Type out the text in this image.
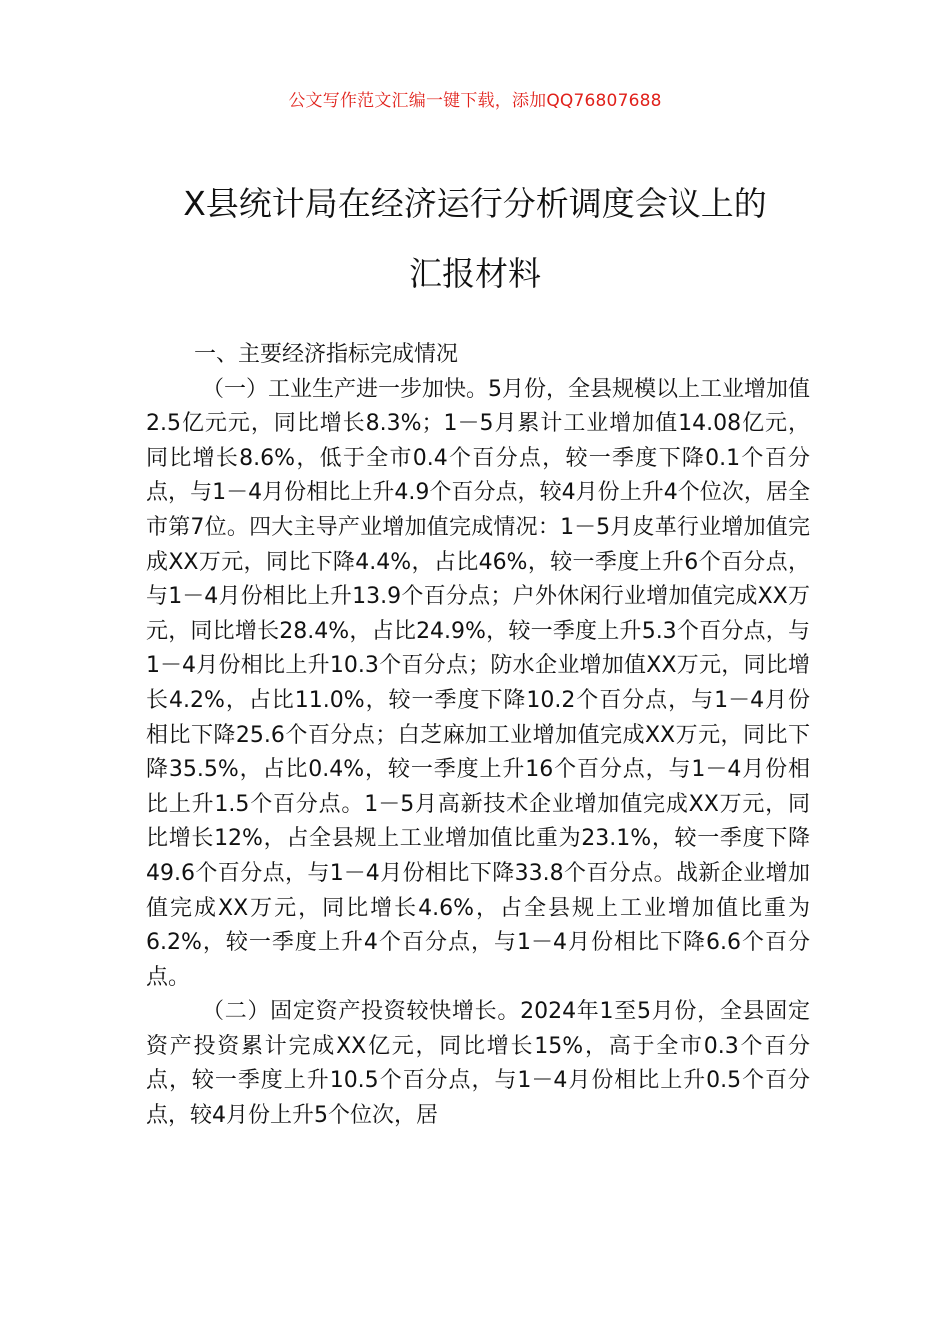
公文写作范文汇编一键下载，添加QQ76807688
X县统计局在经济运行分析调度会议上的
汇报材料

一、主要经济指标完成情况

（一）工业生产进一步加快。5月份，全县规模以上工业增加值2.5亿元元，同比增长8.3%；1－5月累计工业增加值14.08亿元，同比增长8.6%，低于全市0.4个百分点，较一季度下降0.1个百分点，与1－4月份相比上升4.9个百分点，较4月份上升4个位次，居全市第7位。四大主导产业增加值完成情况：1－5月皮革行业增加值完成XX万元，同比下降4.4%，占比46%，较一季度上升6个百分点，与1－4月份相比上升13.9个百分点；户外休闲行业增加值完成XX万元，同比增长28.4%，占比24.9%，较一季度上升5.3个百分点，与1－4月份相比上升10.3个百分点；防水企业增加值XX万元，同比增长4.2%，占比11.0%，较一季度下降10.2个百分点，与1－4月份相比下降25.6个百分点；白芝麻加工业增加值完成XX万元，同比下降35.5%，占比0.4%，较一季度上升16个百分点，与1－4月份相比上升1.5个百分点。1－5月高新技术企业增加值完成XX万元，同比增长12%，占全县规上工业增加值比重为23.1%，较一季度下降49.6个百分点，与1－4月份相比下降33.8个百分点。战新企业增加值完成XX万元，同比增长4.6%，占全县规上工业增加值比重为6.2%，较一季度上升4个百分点，与1－4月份相比下降6.6个百分点。

（二）固定资产投资较快增长。2024年1至5月份，全县固定资产投资累计完成XX亿元，同比增长15%，高于全市0.3个百分点，较一季度上升10.5个百分点，与1－4月份相比上升0.5个百分点，较4月份上升5个位次，居
